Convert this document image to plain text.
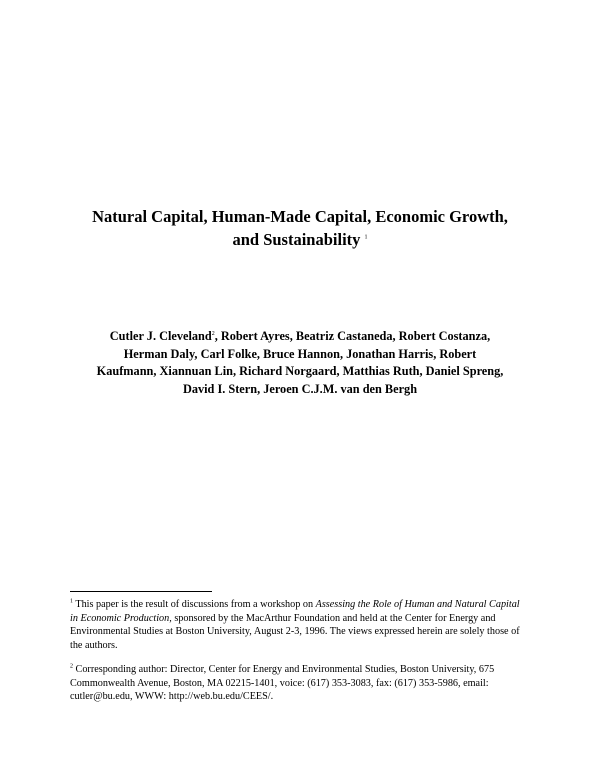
Natural Capital, Human-Made Capital, Economic Growth,
and Sustainability $^1$
Cutler J. Cleveland$^2$, Robert Ayres, Beatriz Castaneda, Robert Costanza,
Herman Daly, Carl Folke, Bruce Hannon, Jonathan Harris, Robert
Kaufmann, Xiannuan Lin, Richard Norgaard, Matthias Ruth, Daniel Spreng,
David I. Stern, Jeroen C.J.M. van den Bergh
$^1$ This paper is the result of discussions from a workshop on Assessing the Role of Human and Natural Capital in Economic Production, sponsored by the MacArthur Foundation and held at the Center for Energy and Environmental Studies at Boston University, August 2-3, 1996. The views expressed herein are solely those of the authors.
$^2$ Corresponding author: Director, Center for Energy and Environmental Studies, Boston University, 675 Commonwealth Avenue, Boston, MA 02215-1401, voice: (617) 353-3083, fax: (617) 353-5986, email: cutler@bu.edu, WWW: http://web.bu.edu/CEES/.
